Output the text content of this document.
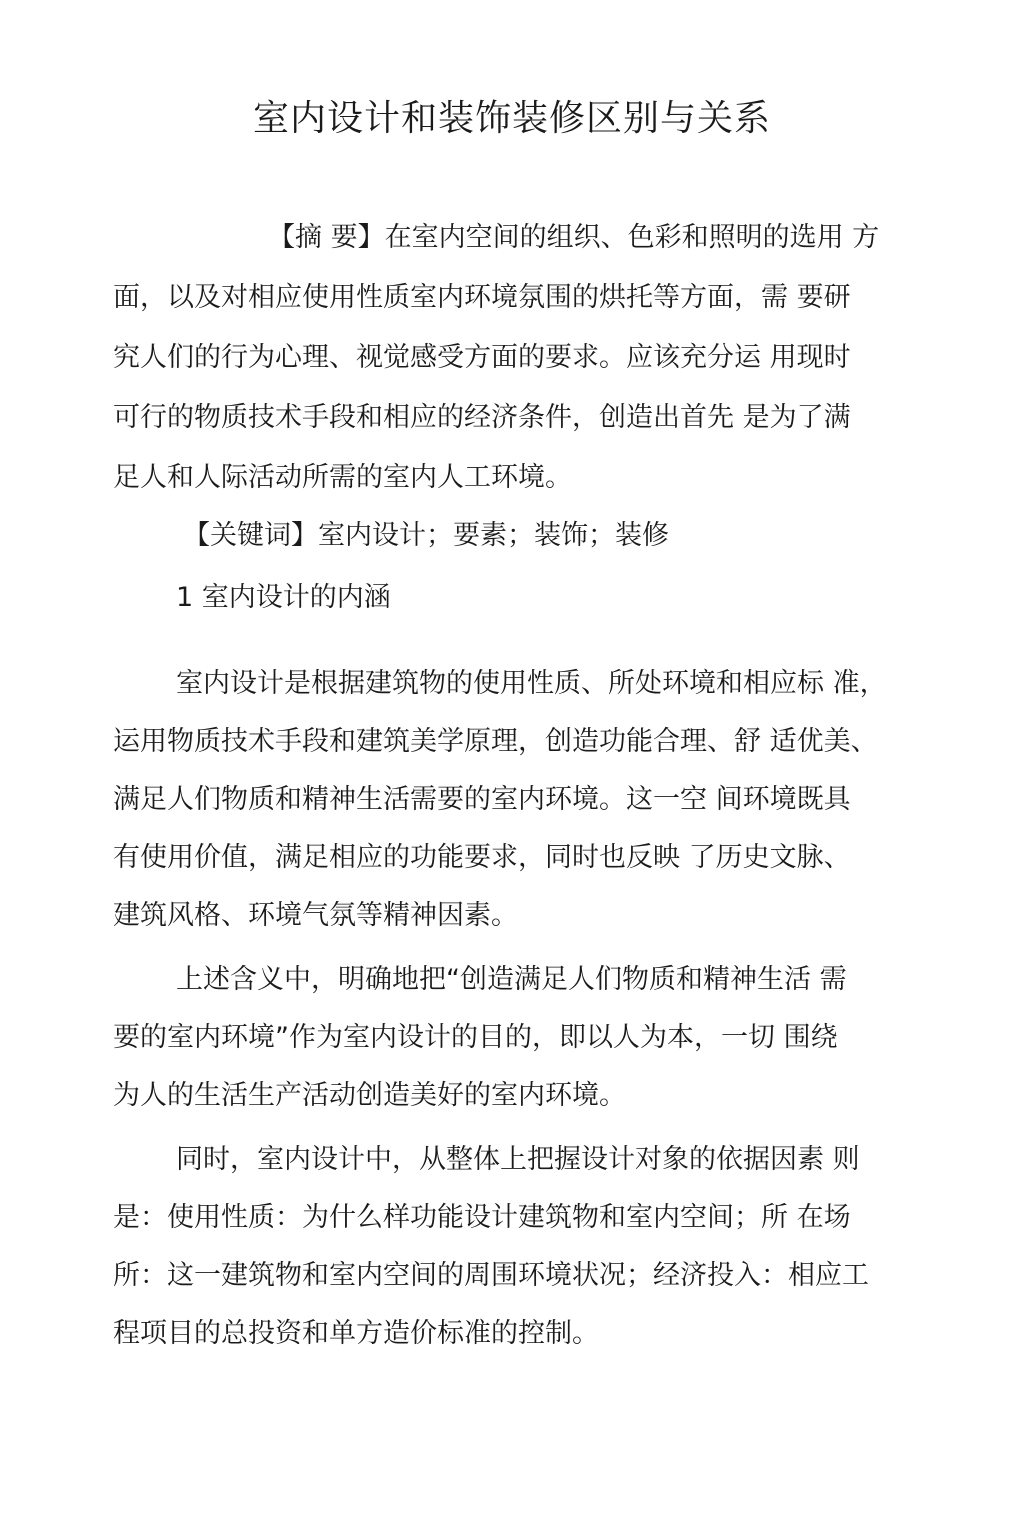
室内设计和装饰装修区别与关系

【摘 要】在室内空间的组织、色彩和照明的选用 方

面，以及对相应使用性质室内环境氛围的烘托等方面，需 要研

究人们的行为心理、视觉感受方面的要求。应该充分运 用现时

可行的物质技术手段和相应的经济条件，创造出首先 是为了满

足人和人际活动所需的室内人工环境。

【关键词】室内设计；要素；装饰；装修

1 室内设计的内涵

室内设计是根据建筑物的使用性质、所处环境和相应标 准，

运用物质技术手段和建筑美学原理，创造功能合理、舒 适优美、

满足人们物质和精神生活需要的室内环境。这一空 间环境既具

有使用价值，满足相应的功能要求，同时也反映 了历史文脉、

建筑风格、环境气氛等精神因素。

上述含义中，明确地把“创造满足人们物质和精神生活 需

要的室内环境”作为室内设计的目的，即以人为本，一切 围绕

为人的生活生产活动创造美好的室内环境。

同时，室内设计中，从整体上把握设计对象的依据因素 则

是：使用性质：为什么样功能设计建筑物和室内空间；所 在场

所：这一建筑物和室内空间的周围环境状况；经济投入：相应工

程项目的总投资和单方造价标准的控制。
